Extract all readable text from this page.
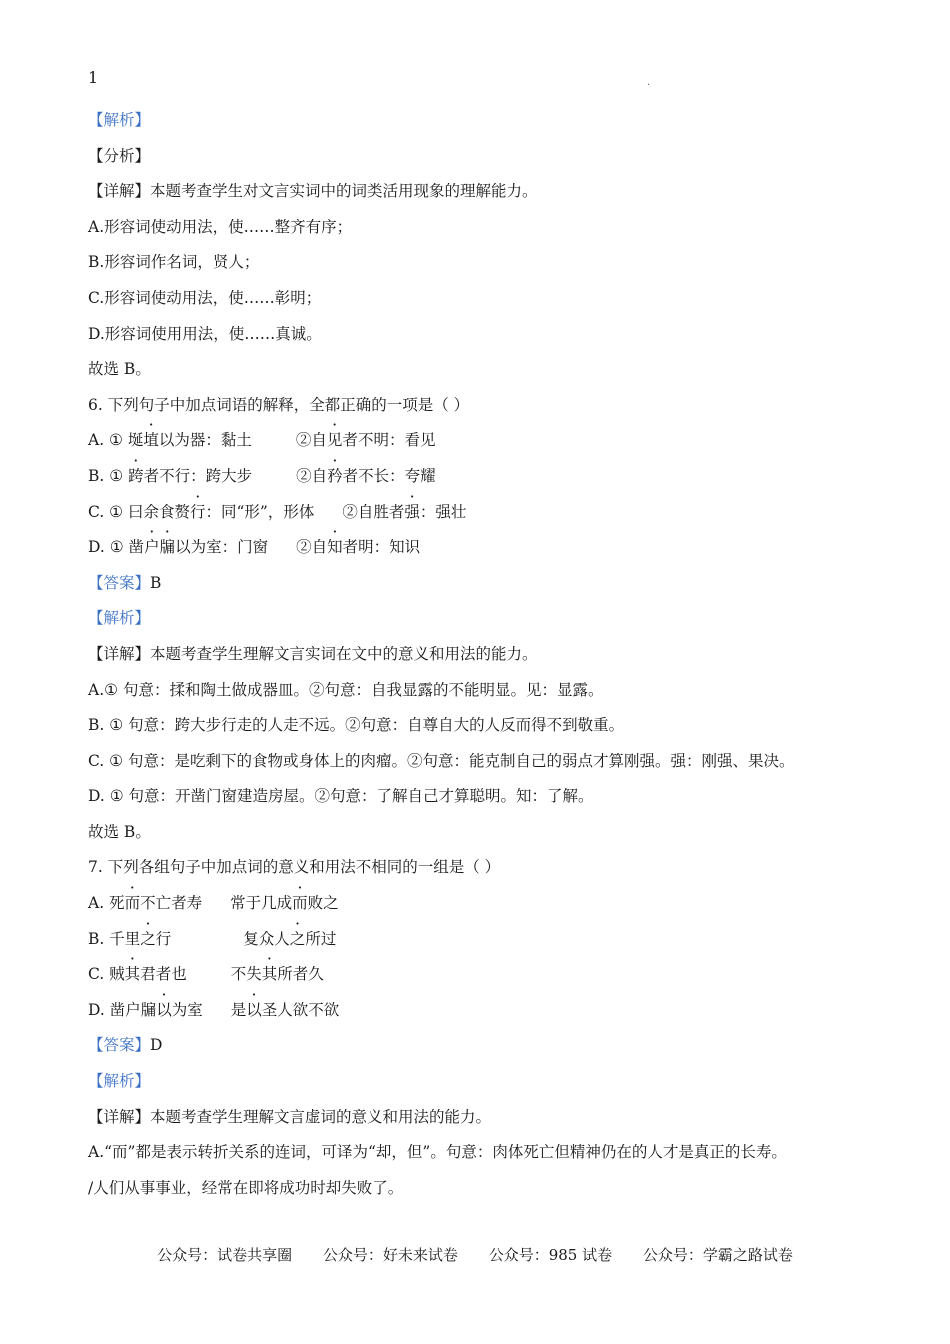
1	.
【解析】
【分析】
【详解】本题考查学生对文言实词中的词类活用现象的理解能力。
A.形容词使动用法，使……整齐有序；
B.形容词作名词，贤人；
C.形容词使动用法，使……彰明；
D.形容词使用用法，使……真诚。
故选 B。
6. 下列句子中加点词语的解释，全都正确的一项是（ ）
A. ① 埏埴以为器：黏土	②自见者不明：看见
B. ① 跨者不行：跨大步	②自矜者不长：夸耀
C. ① 曰余食赘行：同“形”，形体 ②自胜者强：强壮
D. ① 凿户牖以为室：门窗 ②自知者明：知识
【答案】B
【解析】
【详解】本题考查学生理解文言实词在文中的意义和用法的能力。
A.① 句意：揉和陶土做成器皿。②句意：自我显露的不能明显。见：显露。
B. ① 句意：跨大步行走的人走不远。②句意：自尊自大的人反而得不到敬重。
C. ① 句意：是吃剩下的食物或身体上的肉瘤。②句意：能克制自己的弱点才算刚强。强：刚强、果决。
D. ① 句意：开凿门窗建造房屋。②句意：了解自己才算聪明。知：了解。
故选 B。
7. 下列各组句子中加点词的意义和用法不相同的一组是（ ）
A. 死而不亡者寿 常于几成而败之
B. 千里之行	复众人之所过
C. 贼其君者也	不失其所者久
D. 凿户牖以为室 是以圣人欲不欲
【答案】D
【解析】
【详解】本题考查学生理解文言虚词的意义和用法的能力。
A.“而”都是表示转折关系的连词，可译为“却，但”。句意：肉体死亡但精神仍在的人才是真正的长寿。
/人们从事事业，经常在即将成功时却失败了。
公众号：试卷共享圈 公众号：好未来试卷 公众号：985 试卷 公众号：学霸之路试卷
